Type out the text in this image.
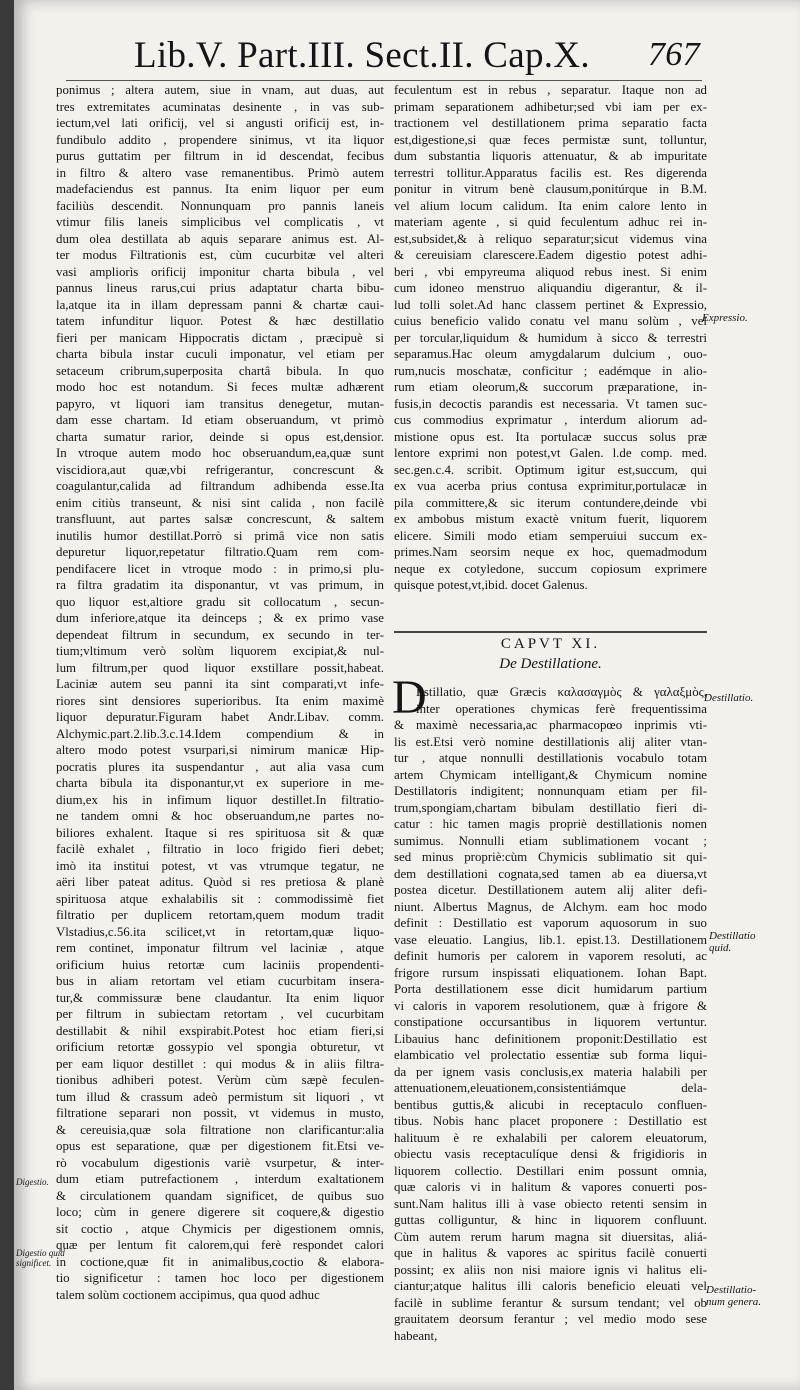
Lib.V. Part.III. Sect.II. Cap.X. 767
ponimus ; altera autem, siue in vnam, aut duas, aut
tres extremitates acuminatas desinente , in vas sub-
iectum,vel lati orificij, vel si angusti orificij est, in-
fundibulo addito , propendere sinimus, vt ita liquor
purus guttatim per filtrum in id descendat, fecibus
in filtro & altero vase remanentibus. Primò autem
madefaciendus est pannus. Ita enim liquor per eum
faciliùs descendit. Nonnunquam pro pannis laneis
vtimur filis laneis simplicibus vel complicatis , vt
dum olea destillata ab aquis separare animus est. Al-
ter modus Filtrationis est, cùm cucurbitæ vel alteri
vasi ampliorìs orificij imponitur charta bibula , vel
pannus lineus rarus,cui prius adaptatur charta bibu-
la,atque ita in illam depressam panni & chartæ caui-
tatem infunditur liquor. Potest & hæc destillatio
fieri per manicam Hippocratis dictam , præcipuè si
charta bibula instar cuculi imponatur, vel etiam per
setaceum cribrum,superposita chartâ bibula. In quo
modo hoc est notandum. Si feces multæ adhærent
papyro, vt liquori iam transitus denegetur, mutan-
dam esse chartam. Id etiam obseruandum, vt primò
charta sumatur rarior, deinde si opus est,densior.
In vtroque autem modo hoc obseruandum,ea,quæ sunt
viscidiora,aut quæ,vbi refrigerantur, concrescunt &
coagulantur,calida ad filtrandum adhibenda esse.Ita
enim citiùs transeunt, & nisi sint calida , non facilè
transfluunt, aut partes salsæ concrescunt, & saltem
inutilis humor destillat.Porrò si primâ vice non satis
depuretur liquor,repetatur filtratio.Quam rem com-
pendifacere licet in vtroque modo : in primo,si plu-
ra filtra gradatim ita disponantur, vt vas primum, in
quo liquor est,altiore gradu sit collocatum , secun-
dum inferiore,atque ita deinceps ; & ex primo vase
dependeat filtrum in secundum, ex secundo in ter-
tium;vltimum verò solùm liquorem excipiat,& nul-
lum filtrum,per quod liquor exstillare possit,habeat.
Laciniæ autem seu panni ita sint comparati,vt infe-
riores sint densiores superioribus. Ita enim maximè
liquor depuratur.Figuram habet Andr.Libav. comm.
Alchymic.part.2.lib.3.c.14.Idem compendium & in
altero modo potest vsurpari,si nimirum manicæ Hip-
pocratis plures ita suspendantur , aut alia vasa cum
charta bibula ita disponantur,vt ex superiore in me-
dium,ex his in infimum liquor destillet.In filtratio-
ne tandem omni & hoc obseruandum,ne partes no-
biliores exhalent. Itaque si res spirituosa sit & quæ
facilè exhalet , filtratio in loco frigido fieri debet;
imò ita institui potest, vt vas vtrumque tegatur, ne
aëri liber pateat aditus. Quòd si res pretiosa & planè
spirituosa atque exhalabilis sit : commodissimè fiet
filtratio per duplicem retortam,quem modum tradit
Vlstadius,c.56.ita scilicet,vt in retortam,quæ liquo-
rem continet, imponatur filtrum vel laciniæ , atque
orificium huius retortæ cum laciniis propendenti-
bus in aliam retortam vel etiam cucurbitam insera-
tur,& commissuræ bene claudantur. Ita enim liquor
per filtrum in subiectam retortam , vel cucurbitam
destillabit & nihil exspirabit.Potest hoc etiam fieri,si
orificium retortæ gossypio vel spongia obturetur, vt
per eam liquor destillet : qui modus & in aliis filtra-
tionibus adhiberi potest. Verùm cùm sæpè feculen-
tum illud & crassum adeò permistum sit liquori , vt
filtratione separari non possit, vt videmus in musto,
& cereuisia,quæ sola filtratione non clarificantur:alia
opus est separatione, quæ per digestionem fit.Etsi ve-
rò vocabulum digestionis variè vsurpetur, & inter-
dum etiam putrefactionem , interdum exaltationem
& circulationem quandam significet, de quibus suo
loco; cùm in genere digerere sit coquere,& digestio
sit coctio , atque Chymicis per digestionem omnis,
quæ per lentum fit calorem,qui ferè respondet calori
in coctione,quæ fit in animalibus,coctio & elabora-
tio significetur : tamen hoc loco per digestionem
talem solùm coctionem accipimus, qua quod adhuc
feculentum est in rebus , separatur. Itaque non ad
primam separationem adhibetur;sed vbi iam per ex-
tractionem vel destillationem prima separatio facta
est,digestione,si quæ feces permistæ sunt, tolluntur,
dum substantia liquoris attenuatur, & ab impuritate
terrestri tollitur.Apparatus facilis est. Res digerenda
ponitur in vitrum benè clausum,ponitúrque in B.M.
vel alium locum calidum. Ita enim calore lento in
materiam agente , si quid feculentum adhuc rei in-
est,subsidet,& à reliquo separatur;sicut videmus vina
& cereuisiam clarescere.Eadem digestio potest adhi-
beri , vbi empyreuma aliquod rebus inest. Si enim
cum idoneo menstruo aliquandiu digerantur, & il-
lud tolli solet.Ad hanc classem pertinet & Expressio,
cuius beneficio valido conatu vel manu solùm , vel
per torcular,liquidum & humidum à sicco & terrestri
separamus.Hac oleum amygdalarum dulcium , ouo-
rum,nucis moschatæ, conficitur ; eadémque in alio-
rum etiam oleorum,& succorum præparatione, in-
fusis,in decoctis parandis est necessaria. Vt tamen suc-
cus commodius exprimatur , interdum aliorum ad-
mistione opus est. Ita portulacæ succus solus præ
lentore exprimi non potest,vt Galen. l.de comp. med.
sec.gen.c.4. scribit. Optimum igitur est,succum, qui
ex vua acerba prius contusa exprimitur,portulacæ in
pila committere,& sic iterum contundere,deinde vbi
ex ambobus mistum exactè vnitum fuerit, liquorem
elicere. Simili modo etiam semperuiui succum ex-
primes.Nam seorsim neque ex hoc, quemadmodum
neque ex cotyledone, succum copiosum exprimere
quisque potest,vt,ibid. docet Galenus.
CAPVT XI.
De Destillatione.
D
Estillatio, quæ Græcis καλασαγμὸς & γαλαξμὸς,
inter operationes chymicas ferè frequentissima
& maximè necessaria,ac pharmacopœo inprimis vti-
lis est.Etsi verò nomine destillationis alij aliter vtan-
tur , atque nonnulli destillationis vocabulo totam
artem Chymicam intelligant,& Chymicum nomine
Destillatoris indigitent; nonnunquam etiam per fil-
trum,spongiam,chartam bibulam destillatio fieri di-
catur : hic tamen magis propriè destillationis nomen
sumimus. Nonnulli etiam sublimationem vocant ;
sed minus propriè:cùm Chymicis sublimatio sit qui-
dem destillationi cognata,sed tamen ab ea diuersa,vt
postea dicetur. Destillationem autem alij aliter defi-
niunt. Albertus Magnus, de Alchym. eam hoc modo
definit : Destillatio est vaporum aquosorum in suo
vase eleuatio. Langius, lib.1. epist.13. Destillationem
definit humoris per calorem in vaporem resoluti, ac
frigore rursum inspissati eliquationem. Iohan Bapt.
Porta destillationem esse dicit humidarum partium
vi caloris in vaporem resolutionem, quæ à frigore &
constipatione occursantibus in liquorem vertuntur.
Libauius hanc definitionem proponit:Destillatio est
elambicatio vel prolectatio essentiæ sub forma liqui-
da per ignem vasis conclusis,ex materia halabili per
attenuationem,eleuationem,consistentiámque dela-
bentibus guttis,& alicubi in receptaculo confluen-
tibus. Nobis hanc placet proponere : Destillatio est
halituum è re exhalabili per calorem eleuatorum,
obiectu vasis receptaculíque densi & frigidioris in
liquorem collectio. Destillari enim possunt omnia,
quæ caloris vi in halitum & vapores conuerti pos-
sunt.Nam halitus illi à vase obiecto retenti sensim in
guttas colliguntur, & hinc in liquorem confluunt.
Cùm autem rerum harum magna sit diuersitas, aliá-
que in halitus & vapores ac spiritus facilè conuerti
possint; ex aliis non nisi maiore ignis vi halitus eli-
ciantur;atque halitus illi caloris beneficio eleuati vel
facilè in sublime ferantur & sursum tendant; vel ob
grauitatem deorsum ferantur ; vel medio modo sese
habeant,
Expressio.
Destillatio.
Destillatio
quid.
Digestio.
Digestio quid
significet.
Destillatio-
num genera.
